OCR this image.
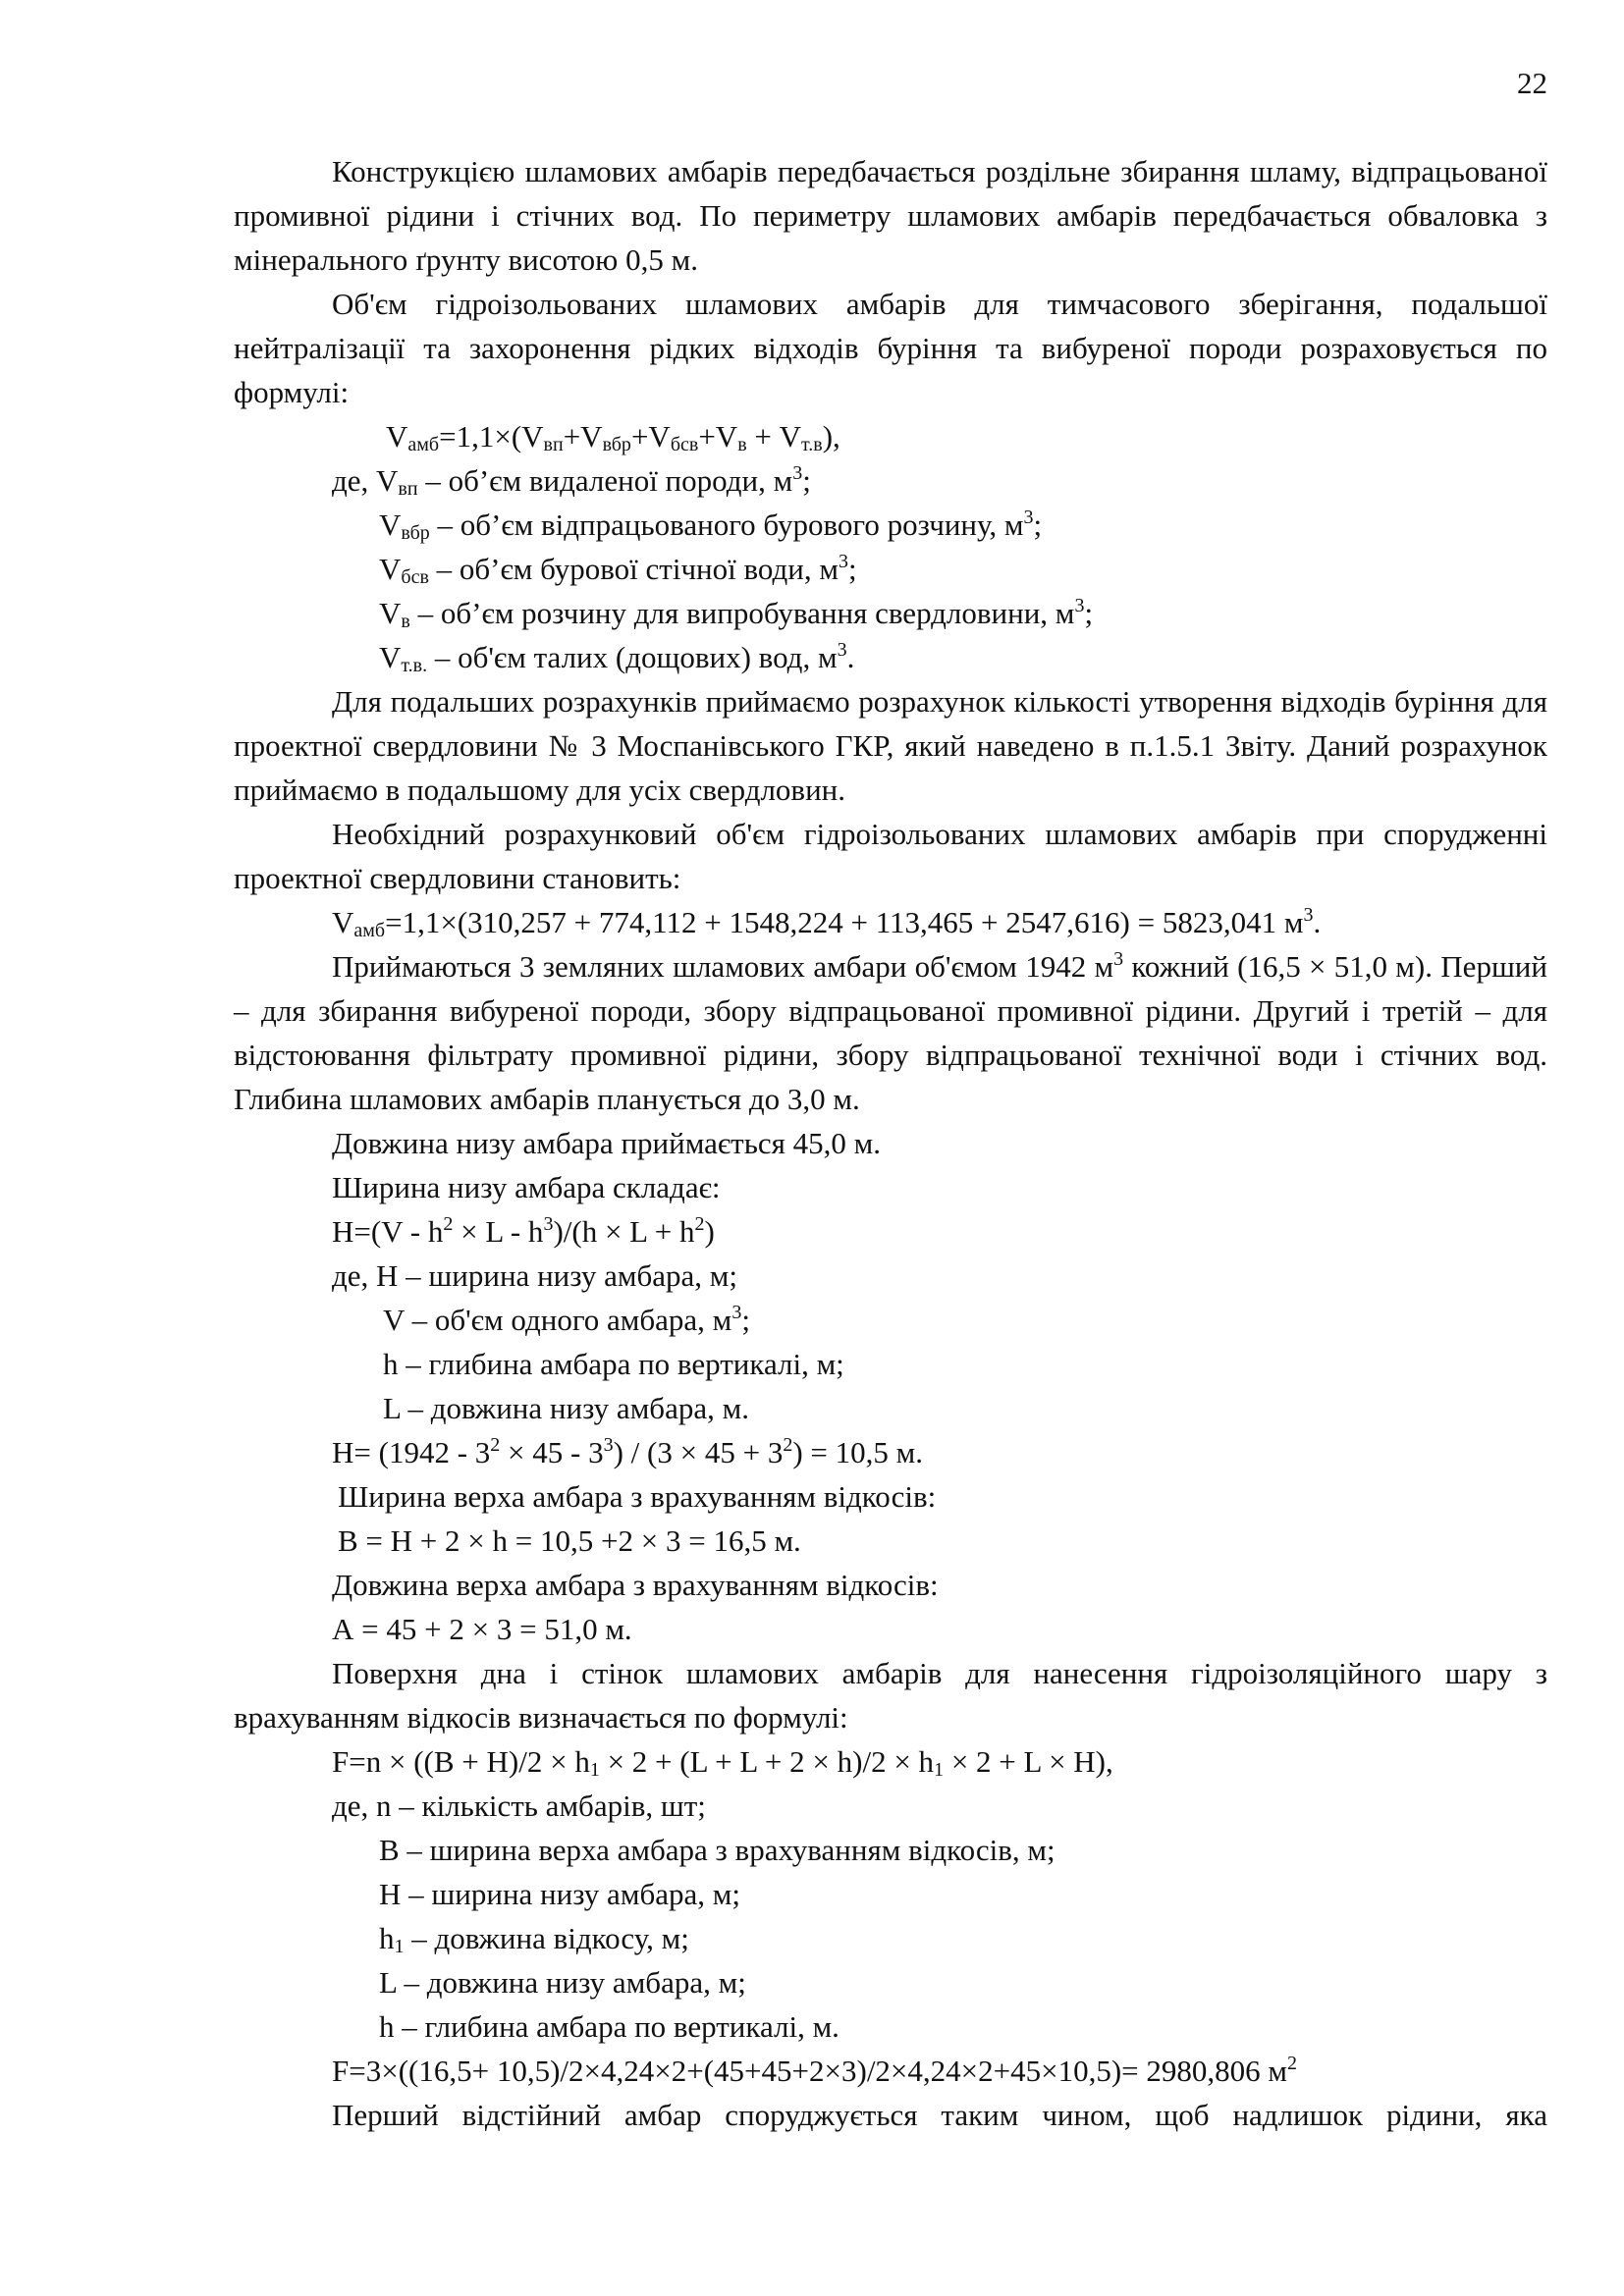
22

Конструкцією шламових амбарів передбачається роздільне збирання шламу, відпрацьованої промивної рідини і стічних вод. По периметру шламових амбарів передбачається обваловка з мінерального ґрунту висотою 0,5 м.

Об'єм гідроізольованих шламових амбарів для тимчасового зберігання, подальшої нейтралізації та захоронення рідких відходів буріння та вибуреної породи розраховується по формулі:

$V_{амб}=1,1\times(V_{вп}+V_{вбр}+V_{бсв}+V_в + V_{т.в})$,

де, $V_{вп}$ – об’єм видаленої породи, $м^3$;

$V_{вбр}$ – об’єм відпрацьованого бурового розчину, $м^3$;

$V_{бсв}$ – об’єм бурової стічної води, $м^3$;

$V_в$ – об’єм розчину для випробування свердловини, $м^3$;

$V_{т.в.} - об'єм$ талих (дощових) вод, $м^3$.

Для подальших розрахунків приймаємо розрахунок кількості утворення відходів буріння для проектної свердловини № 3 Моспанівського ГКР, який наведено в п.1.5.1 Звіту. Даний розрахунок приймаємо в подальшому для усіх свердловин.

Необхідний розрахунковий об'єм гідроізольованих шламових амбарів при спорудженні проектної свердловини становить:

$V_{амб}=1,1\times(310,257 + 774,112 + 1548,224 + 113,465 + 2547,616) = 5823,041$ $м^3$.

Приймаються 3 земляних шламових амбари об'ємом 1942 $м^3$ кожний (16,5 × 51,0 м). Перший – для збирання вибуреної породи, збору відпрацьованої промивної рідини. Другий і третій – для відстоювання фільтрату промивної рідини, збору відпрацьованої технічної води і стічних вод. Глибина шламових амбарів планується до 3,0 м.

Довжина низу амбара приймається 45,0 м.

Ширина низу амбара складає:

$H=(V - h^2 \times L - h^3)/(h \times L + h^2)$

де, Н – ширина низу амбара, м;

V – об'єм одного амбара, $м^3$;

h – глибина амбара по вертикалі, м;

L – довжина низу амбара, м.

$Н= (1942 - 3^2 \times 45 - 3^3) / (3 \times 45 + 3^2) = 10,5$ м.

Ширина верха амбара з врахуванням відкосів:

В = Н + 2 × h = 10,5 +2 × 3 = 16,5 м.

Довжина верха амбара з врахуванням відкосів:

А = 45 + 2 × 3 = 51,0 м.

Поверхня дна і стінок шламових амбарів для нанесення гідроізоляційного шару з врахуванням відкосів визначається по формулі:

$F=n \times ((B + H)/2 \times h_1 \times 2 + (L + L + 2 \times h)/2 \times h_1 \times 2 + L \times H)$,

де, n – кількість амбарів, шт;

В – ширина верха амбара з врахуванням відкосів, м;

H – ширина низу амбара, м;

$h_1$ – довжина відкосу, м;

L – довжина низу амбара, м;

h – глибина амбара по вертикалі, м.

F=3×((16,5+ 10,5)/2×4,24×2+(45+45+2×3)/2×4,24×2+45×10,5)= 2980,806 $м^2$

Перший відстійний амбар споруджується таким чином, щоб надлишок рідини, яка
